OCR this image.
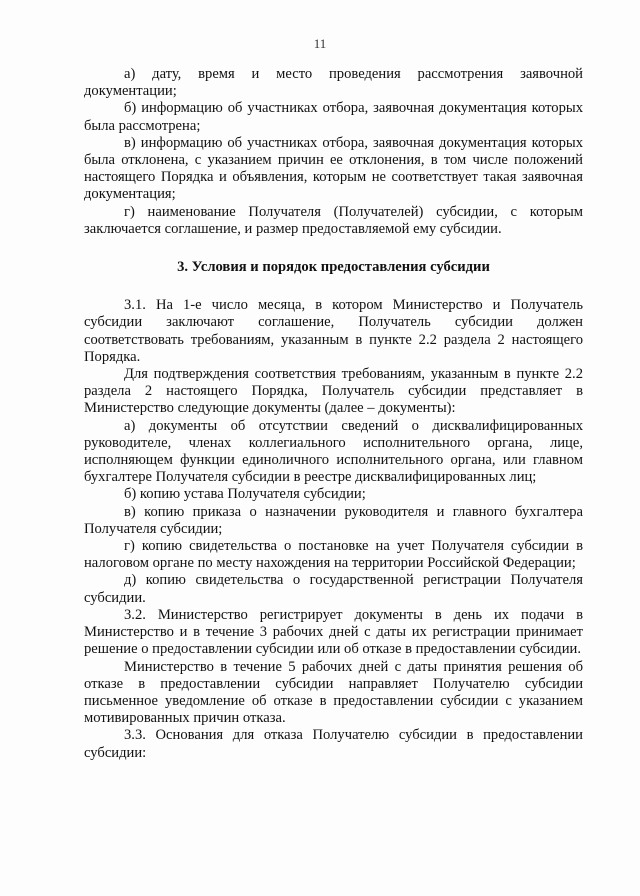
11

а) дату, время и место проведения рассмотрения заявочной документации;

б) информацию об участниках отбора, заявочная документация которых была рассмотрена;

в) информацию об участниках отбора, заявочная документация которых была отклонена, с указанием причин ее отклонения, в том числе положений настоящего Порядка и объявления, которым не соответствует такая заявочная документация;

г) наименование Получателя (Получателей) субсидии, с которым заключается соглашение, и размер предоставляемой ему субсидии.

3. Условия и порядок предоставления субсидии

3.1. На 1-е число месяца, в котором Министерство и Получатель субсидии заключают соглашение, Получатель субсидии должен соответствовать требованиям, указанным в пункте 2.2 раздела 2 настоящего Порядка.

Для подтверждения соответствия требованиям, указанным в пункте 2.2 раздела 2 настоящего Порядка, Получатель субсидии представляет в Министерство следующие документы (далее – документы):

а) документы об отсутствии сведений о дисквалифицированных руководителе, членах коллегиального исполнительного органа, лице, исполняющем функции единоличного исполнительного органа, или главном бухгалтере Получателя субсидии в реестре дисквалифицированных лиц;

б) копию устава Получателя субсидии;

в) копию приказа о назначении руководителя и главного бухгалтера Получателя субсидии;

г) копию свидетельства о постановке на учет Получателя субсидии в налоговом органе по месту нахождения на территории Российской Федерации;

д) копию свидетельства о государственной регистрации Получателя субсидии.

3.2. Министерство регистрирует документы в день их подачи в Министерство и в течение 3 рабочих дней с даты их регистрации принимает решение о предоставлении субсидии или об отказе в предоставлении субсидии.

Министерство в течение 5 рабочих дней с даты принятия решения об отказе в предоставлении субсидии направляет Получателю субсидии письменное уведомление об отказе в предоставлении субсидии с указанием мотивированных причин отказа.

3.3. Основания для отказа Получателю субсидии в предоставлении субсидии:
